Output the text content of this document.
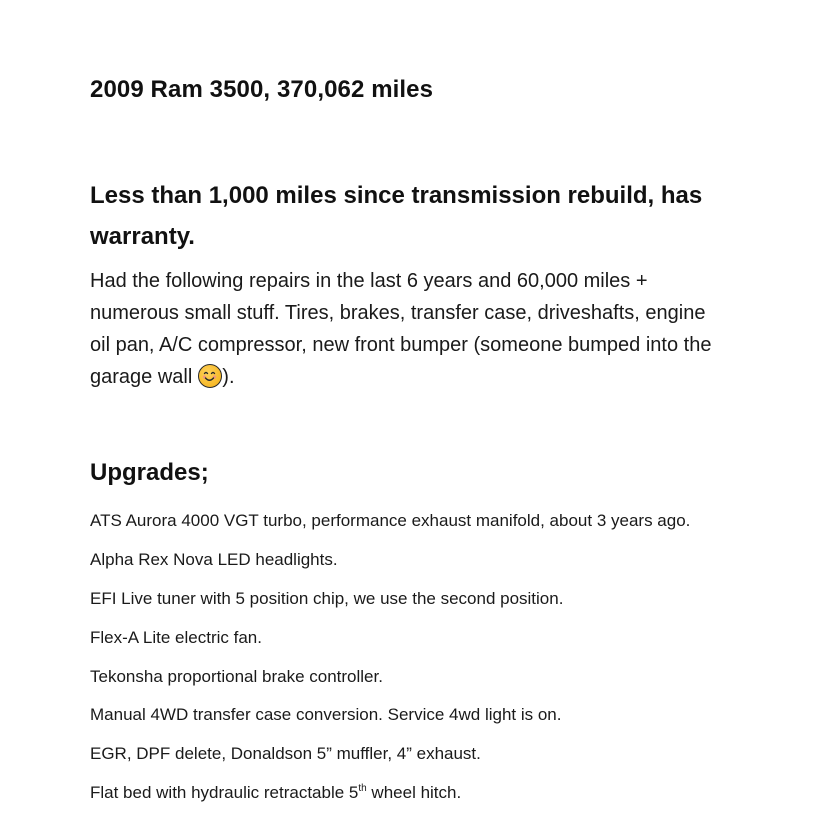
2009 Ram 3500, 370,062 miles
Less than 1,000 miles since transmission rebuild, has warranty.
Had the following repairs in the last 6 years and 60,000 miles + numerous small stuff. Tires, brakes, transfer case, driveshafts, engine oil pan, A/C compressor, new front bumper (someone bumped into the garage wall ).
Upgrades;
ATS Aurora 4000 VGT turbo, performance exhaust manifold, about 3 years ago.
Alpha Rex Nova LED headlights.
EFI Live tuner with 5 position chip, we use the second position.
Flex-A Lite electric fan.
Tekonsha proportional brake controller.
Manual 4WD transfer case conversion. Service 4wd light is on.
EGR, DPF delete, Donaldson 5” muffler, 4” exhaust.
Flat bed with hydraulic retractable 5th wheel hitch.
